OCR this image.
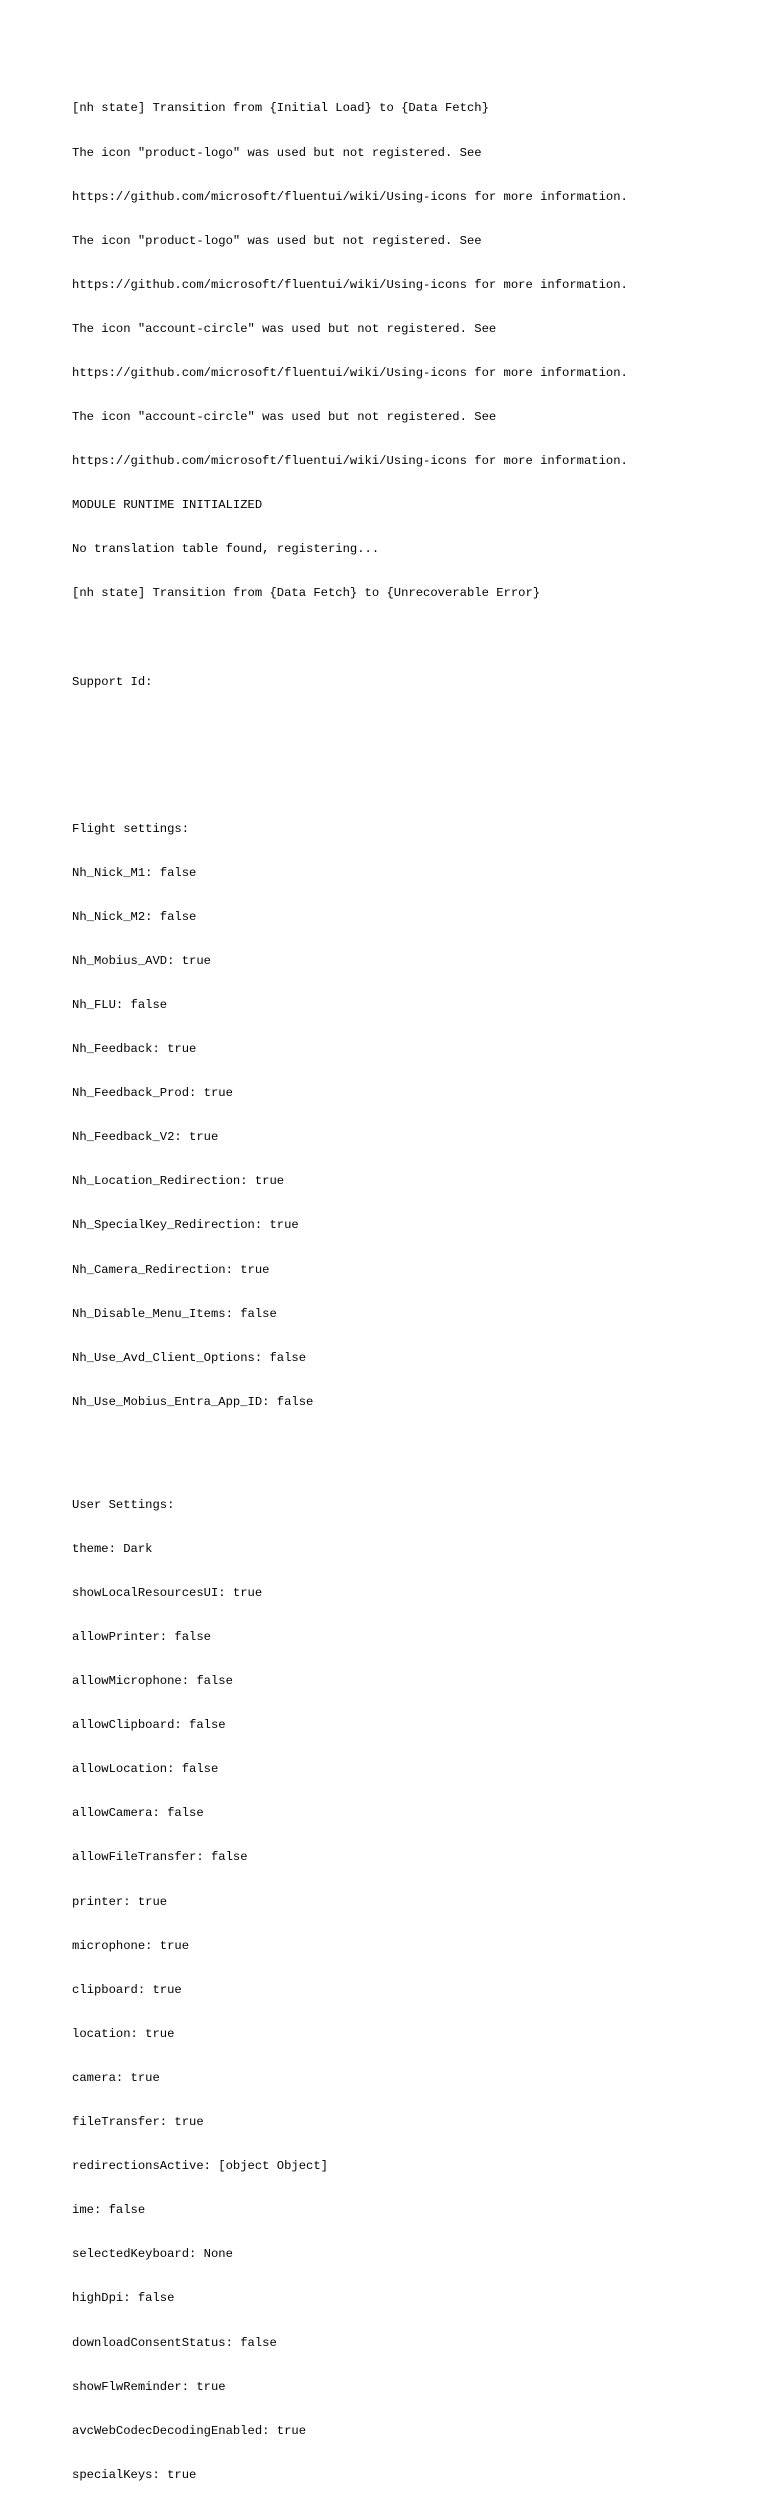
[nh state] Transition from {Initial Load} to {Data Fetch}

The icon "product-logo" was used but not registered. See

https://github.com/microsoft/fluentui/wiki/Using-icons for more information.

The icon "product-logo" was used but not registered. See

https://github.com/microsoft/fluentui/wiki/Using-icons for more information.

The icon "account-circle" was used but not registered. See

https://github.com/microsoft/fluentui/wiki/Using-icons for more information.

The icon "account-circle" was used but not registered. See

https://github.com/microsoft/fluentui/wiki/Using-icons for more information.

MODULE RUNTIME INITIALIZED

No translation table found, registering...

[nh state] Transition from {Data Fetch} to {Unrecoverable Error}

Support Id:

Flight settings:

Nh_Nick_M1: false

Nh_Nick_M2: false

Nh_Mobius_AVD: true

Nh_FLU: false

Nh_Feedback: true

Nh_Feedback_Prod: true

Nh_Feedback_V2: true

Nh_Location_Redirection: true

Nh_SpecialKey_Redirection: true

Nh_Camera_Redirection: true

Nh_Disable_Menu_Items: false

Nh_Use_Avd_Client_Options: false

Nh_Use_Mobius_Entra_App_ID: false

User Settings:

theme: Dark

showLocalResourcesUI: true

allowPrinter: false

allowMicrophone: false

allowClipboard: false

allowLocation: false

allowCamera: false

allowFileTransfer: false

printer: true

microphone: true

clipboard: true

location: true

camera: true

fileTransfer: true

redirectionsActive: [object Object]

ime: false

selectedKeyboard: None

highDpi: false

downloadConsentStatus: false

showFlwReminder: true

avcWebCodecDecodingEnabled: true

specialKeys: true
